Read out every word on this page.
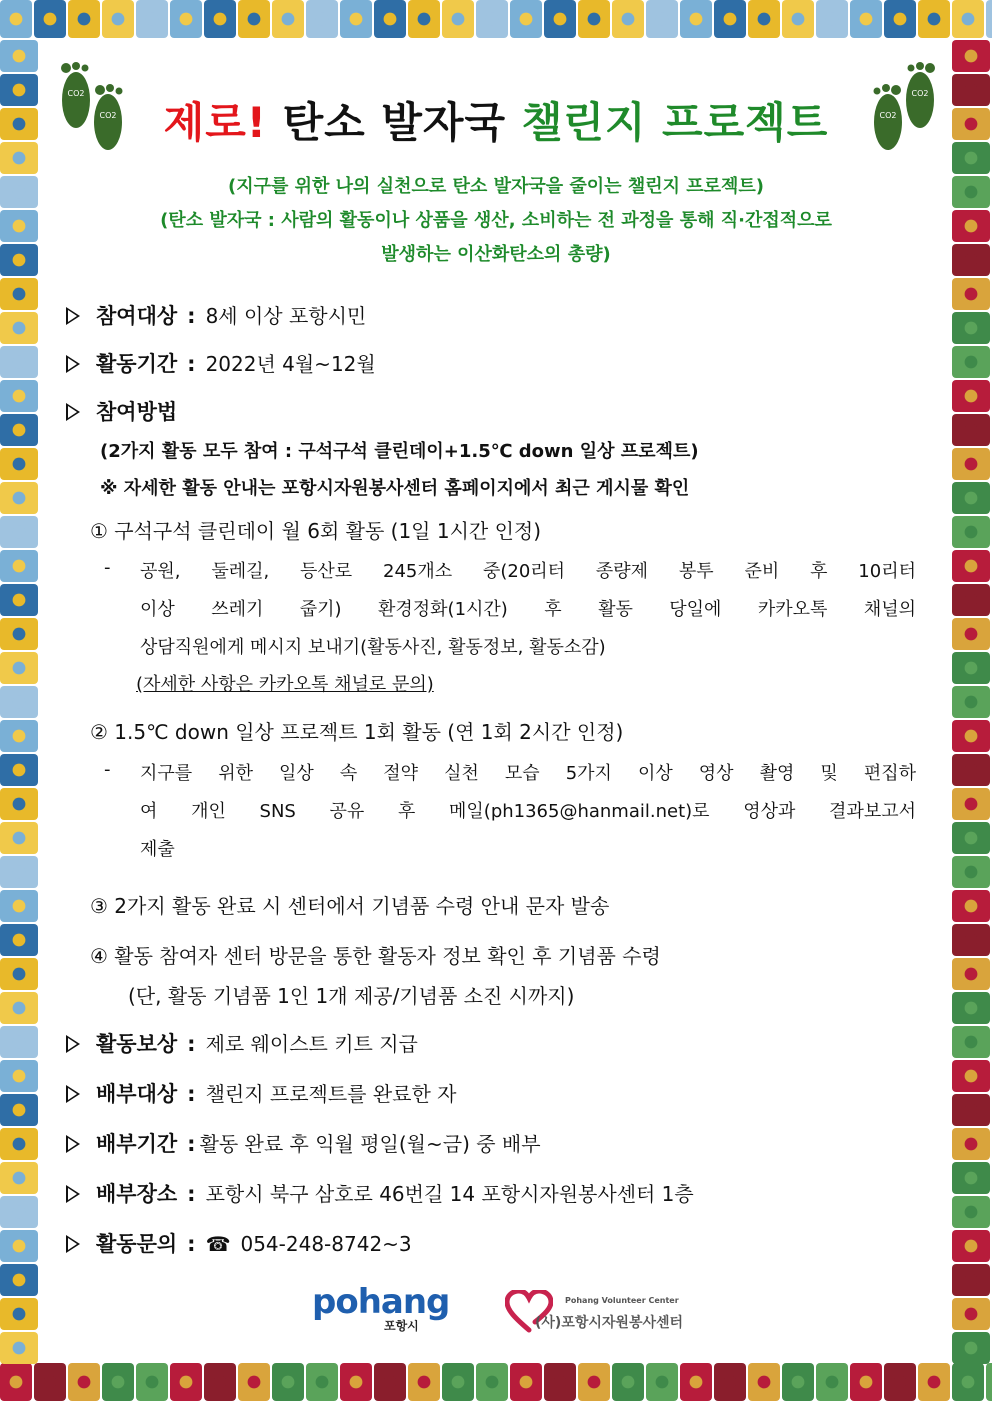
CO2
CO2
CO2
CO2
제로! 탄소 발자국 챌린지 프로젝트
(지구를 위한 나의 실천으로 탄소 발자국을 줄이는 챌린지 프로젝트)
(탄소 발자국 : 사람의 활동이나 상품을 생산, 소비하는 전 과정을 통해 직·간접적으로
발생하는 이산화탄소의 총량)
참여대상 : 8세 이상 포항시민
활동기간 : 2022년 4월~12월
참여방법
(2가지 활동 모두 참여 : 구석구석 클린데이+1.5℃ down 일상 프로젝트)
※ 자세한 활동 안내는 포항시자원봉사센터 홈페이지에서 최근 게시물 확인
① 구석구석 클린데이 월 6회 활동 (1일 1시간 인정)
- 공원, 둘레길, 등산로 245개소 중(20리터 종량제 봉투 준비 후 10리터
이상 쓰레기 줍기) 환경정화(1시간) 후 활동 당일에 카카오톡 채널의
상담직원에게 메시지 보내기(활동사진, 활동정보, 활동소감)
(자세한 사항은 카카오톡 채널로 문의)
② 1.5℃ down 일상 프로젝트 1회 활동 (연 1회 2시간 인정)
- 지구를 위한 일상 속 절약 실천 모습 5가지 이상 영상 촬영 및 편집하
여 개인 SNS 공유 후 메일(ph1365@hanmail.net)로 영상과 결과보고서
제출
③ 2가지 활동 완료 시 센터에서 기념품 수령 안내 문자 발송
④ 활동 참여자 센터 방문을 통한 활동자 정보 확인 후 기념품 수령
(단, 활동 기념품 1인 1개 제공/기념품 소진 시까지)
활동보상 : 제로 웨이스트 키트 지급
배부대상 : 챌린지 프로젝트를 완료한 자
배부기간 : 활동 완료 후 익월 평일(월~금) 중 배부
배부장소 : 포항시 북구 삼호로 46번길 14 포항시자원봉사센터 1층
활동문의 : ☎ 054-248-8742~3
pohang
포항시
Pohang Volunteer Center
(사)포항시자원봉사센터
